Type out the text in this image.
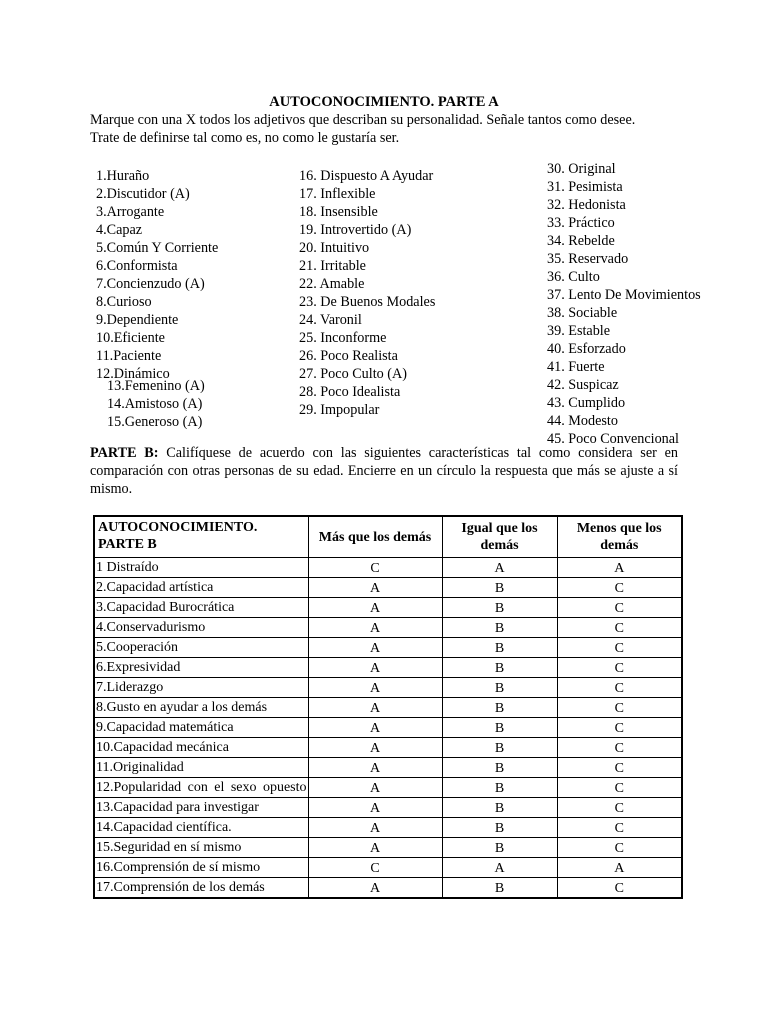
AUTOCONOCIMIENTO. PARTE A
Marque con una X todos los adjetivos que describan su personalidad. Señale tantos como desee.
Trate de definirse tal como es, no como le gustaría ser.
1.Huraño
2.Discutidor (A)
3.Arrogante
4.Capaz
5.Común Y Corriente
6.Conformista
7.Concienzudo (A)
8.Curioso
9.Dependiente
10.Eficiente
11.Paciente
12.Dinámico
13.Femenino (A)
14.Amistoso (A)
15.Generoso (A)
16. Dispuesto A Ayudar
17. Inflexible
18. Insensible
19. Introvertido (A)
20. Intuitivo
21. Irritable
22. Amable
23. De Buenos Modales
24. Varonil
25. Inconforme
26. Poco Realista
27. Poco Culto (A)
28. Poco Idealista
29. Impopular
30. Original
31. Pesimista
32. Hedonista
33. Práctico
34. Rebelde
35. Reservado
36. Culto
37. Lento De Movimientos
38. Sociable
39. Estable
40. Esforzado
41. Fuerte
42. Suspicaz
43. Cumplido
44. Modesto
45. Poco Convencional
PARTE B: Califíquese de acuerdo con las siguientes características tal como considera ser en comparación con otras personas de su edad. Encierre en un círculo la respuesta que más se ajuste a sí mismo.
AUTOCONOCIMIENTO. PARTE B	Más que los demás	Igual que los demás	Menos que los demás
1 Distraído	C	A	A
2.Capacidad artística	A	B	C
3.Capacidad Burocrática	A	B	C
4.Conservadurismo	A	B	C
5.Cooperación	A	B	C
6.Expresividad	A	B	C
7.Liderazgo	A	B	C
8.Gusto en ayudar a los demás	A	B	C
9.Capacidad matemática	A	B	C
10.Capacidad mecánica	A	B	C
11.Originalidad	A	B	C

12.Popularidad con el sexo opuesto	A	B	C
13.Capacidad para investigar	A	B	C
14.Capacidad científica.	A	B	C
15.Seguridad en sí mismo	A	B	C
16.Comprensión de sí mismo	C	A	A
17.Comprensión de los demás	A	B	C
